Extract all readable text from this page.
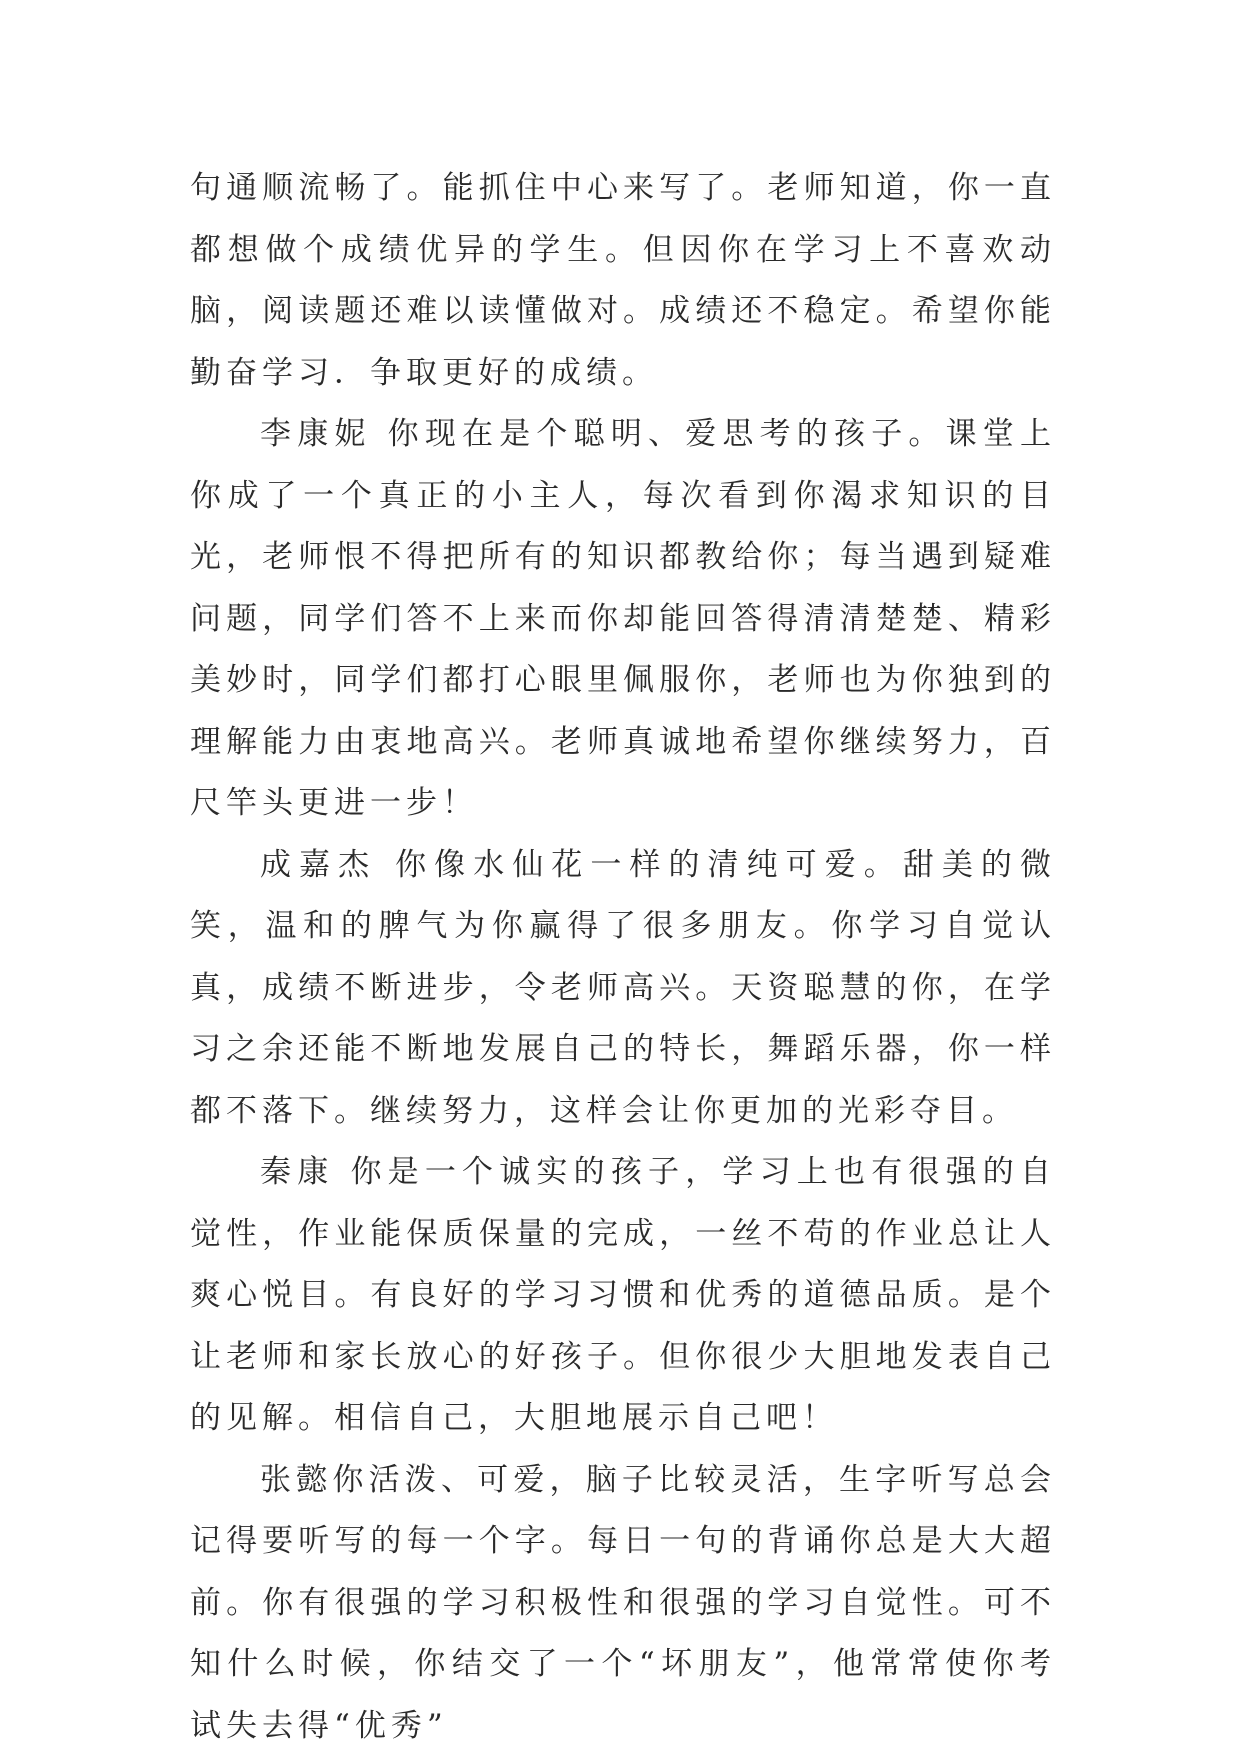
句通顺流畅了。能抓住中心来写了。老师知道，你一直都想做个成绩优异的学生。但因你在学习上不喜欢动脑，阅读题还难以读懂做对。成绩还不稳定。希望你能勤奋学习．争取更好的成绩。

李康妮 你现在是个聪明、爱思考的孩子。课堂上你成了一个真正的小主人，每次看到你渴求知识的目光，老师恨不得把所有的知识都教给你；每当遇到疑难问题，同学们答不上来而你却能回答得清清楚楚、精彩美妙时，同学们都打心眼里佩服你，老师也为你独到的理解能力由衷地高兴。老师真诚地希望你继续努力，百尺竿头更进一步！

成嘉杰 你像水仙花一样的清纯可爱。甜美的微笑，温和的脾气为你赢得了很多朋友。你学习自觉认真，成绩不断进步，令老师高兴。天资聪慧的你，在学习之余还能不断地发展自己的特长，舞蹈乐器，你一样都不落下。继续努力，这样会让你更加的光彩夺目。

秦康 你是一个诚实的孩子，学习上也有很强的自觉性，作业能保质保量的完成，一丝不苟的作业总让人爽心悦目。有良好的学习习惯和优秀的道德品质。是个让老师和家长放心的好孩子。但你很少大胆地发表自己的见解。相信自己，大胆地展示自己吧！

张懿你活泼、可爱，脑子比较灵活，生字听写总会记得要听写的每一个字。每日一句的背诵你总是大大超前。你有很强的学习积极性和很强的学习自觉性。可不知什么时候，你结交了一个“坏朋友”，他常常使你考试失去得“优秀”
